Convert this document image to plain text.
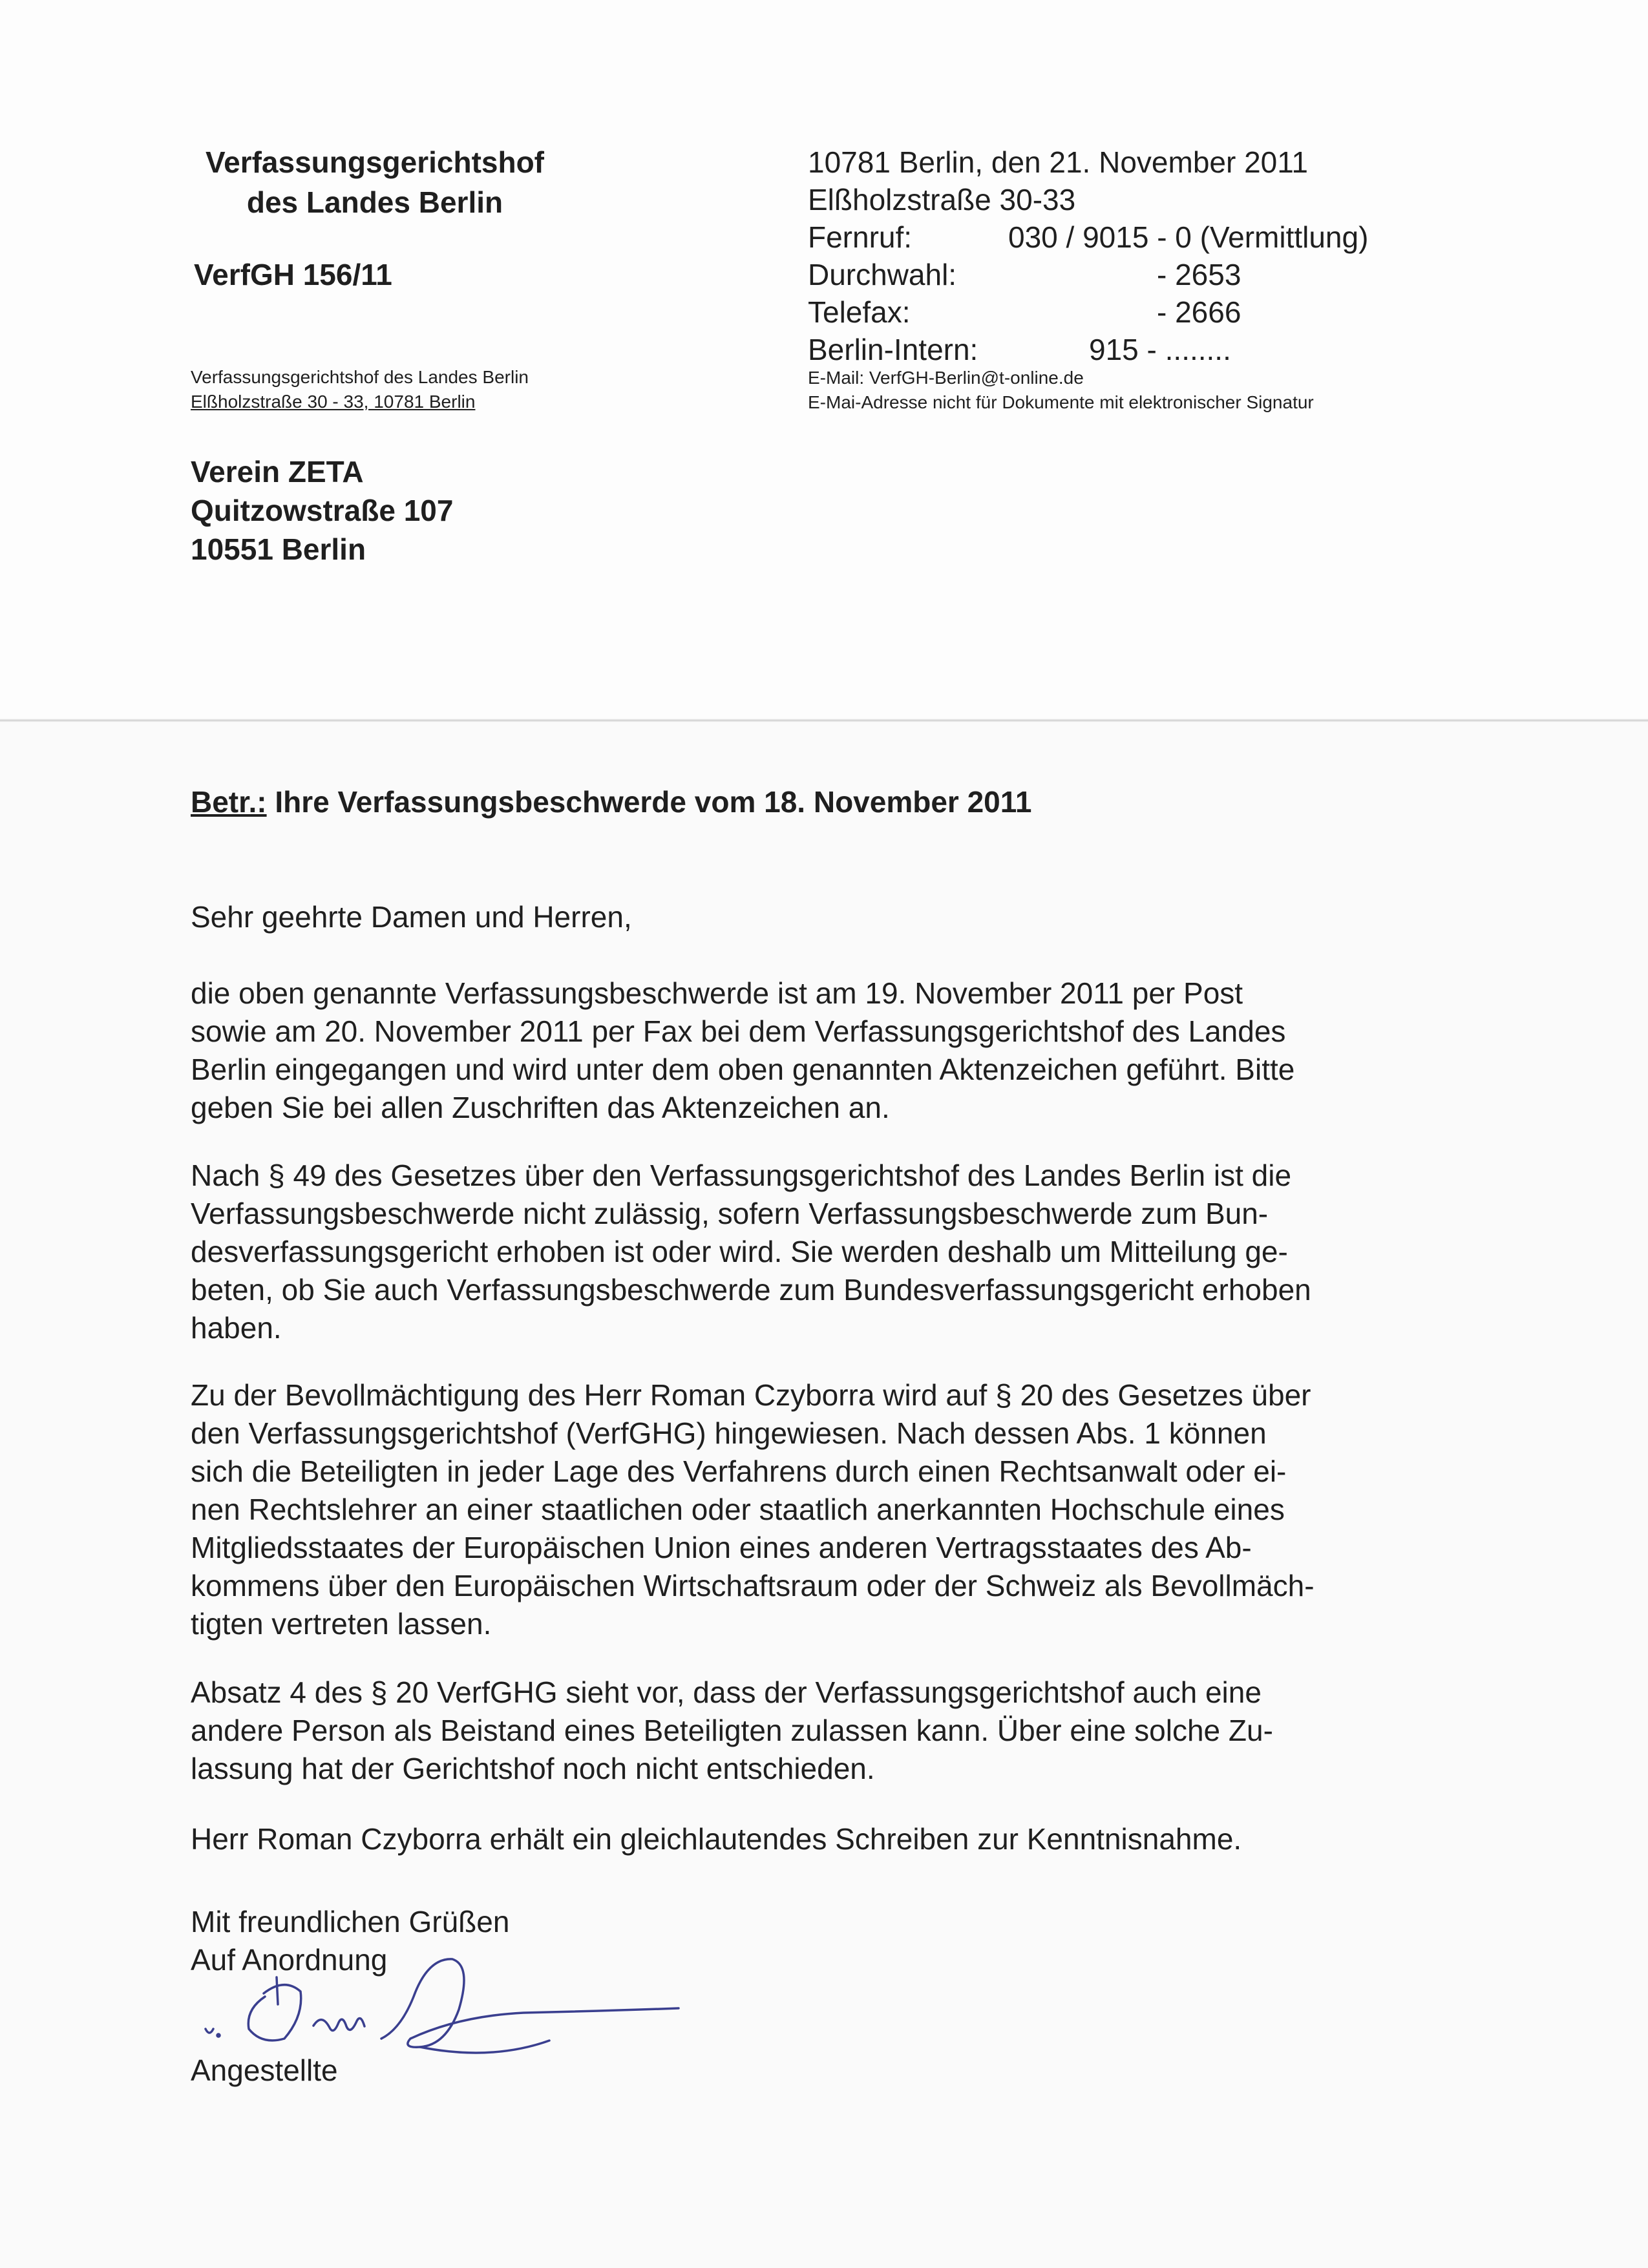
Verfassungsgerichtshof
des Landes Berlin
VerfGH 156/11
Verfassungsgerichtshof des Landes Berlin
Elßholzstraße 30 - 33, 10781 Berlin
10781 Berlin, den 21. November 2011
Elßholzstraße 30-33
Fernruf:	030 / 9015 - 0 (Vermittlung)
Durchwahl:	- 2653
Telefax:	- 2666
Berlin-Intern:	915 - ........
E-Mail: VerfGH-Berlin@t-online.de
E-Mai-Adresse nicht für Dokumente mit elektronischer Signatur
Verein ZETA
Quitzowstraße 107
10551 Berlin
Betr.: Ihre Verfassungsbeschwerde vom 18. November 2011
Sehr geehrte Damen und Herren,
die oben genannte Verfassungsbeschwerde ist am 19. November 2011 per Post
sowie am 20. November 2011 per Fax bei dem Verfassungsgerichtshof des Landes
Berlin eingegangen und wird unter dem oben genannten Aktenzeichen geführt. Bitte
geben Sie bei allen Zuschriften das Aktenzeichen an.
Nach § 49 des Gesetzes über den Verfassungsgerichtshof des Landes Berlin ist die
Verfassungsbeschwerde nicht zulässig, sofern Verfassungsbeschwerde zum Bun-
desverfassungsgericht erhoben ist oder wird. Sie werden deshalb um Mitteilung ge-
beten, ob Sie auch Verfassungsbeschwerde zum Bundesverfassungsgericht erhoben
haben.
Zu der Bevollmächtigung des Herr Roman Czyborra wird auf § 20 des Gesetzes über
den Verfassungsgerichtshof (VerfGHG) hingewiesen. Nach dessen Abs. 1 können
sich die Beteiligten in jeder Lage des Verfahrens durch einen Rechtsanwalt oder ei-
nen Rechtslehrer an einer staatlichen oder staatlich anerkannten Hochschule eines
Mitgliedsstaates der Europäischen Union eines anderen Vertragsstaates des Ab-
kommens über den Europäischen Wirtschaftsraum oder der Schweiz als Bevollmäch-
tigten vertreten lassen.
Absatz 4 des § 20 VerfGHG sieht vor, dass der Verfassungsgerichtshof auch eine
andere Person als Beistand eines Beteiligten zulassen kann. Über eine solche Zu-
lassung hat der Gerichtshof noch nicht entschieden.
Herr Roman Czyborra erhält ein gleichlautendes Schreiben zur Kenntnisnahme.
Mit freundlichen Grüßen
Auf Anordnung
Angestellte
